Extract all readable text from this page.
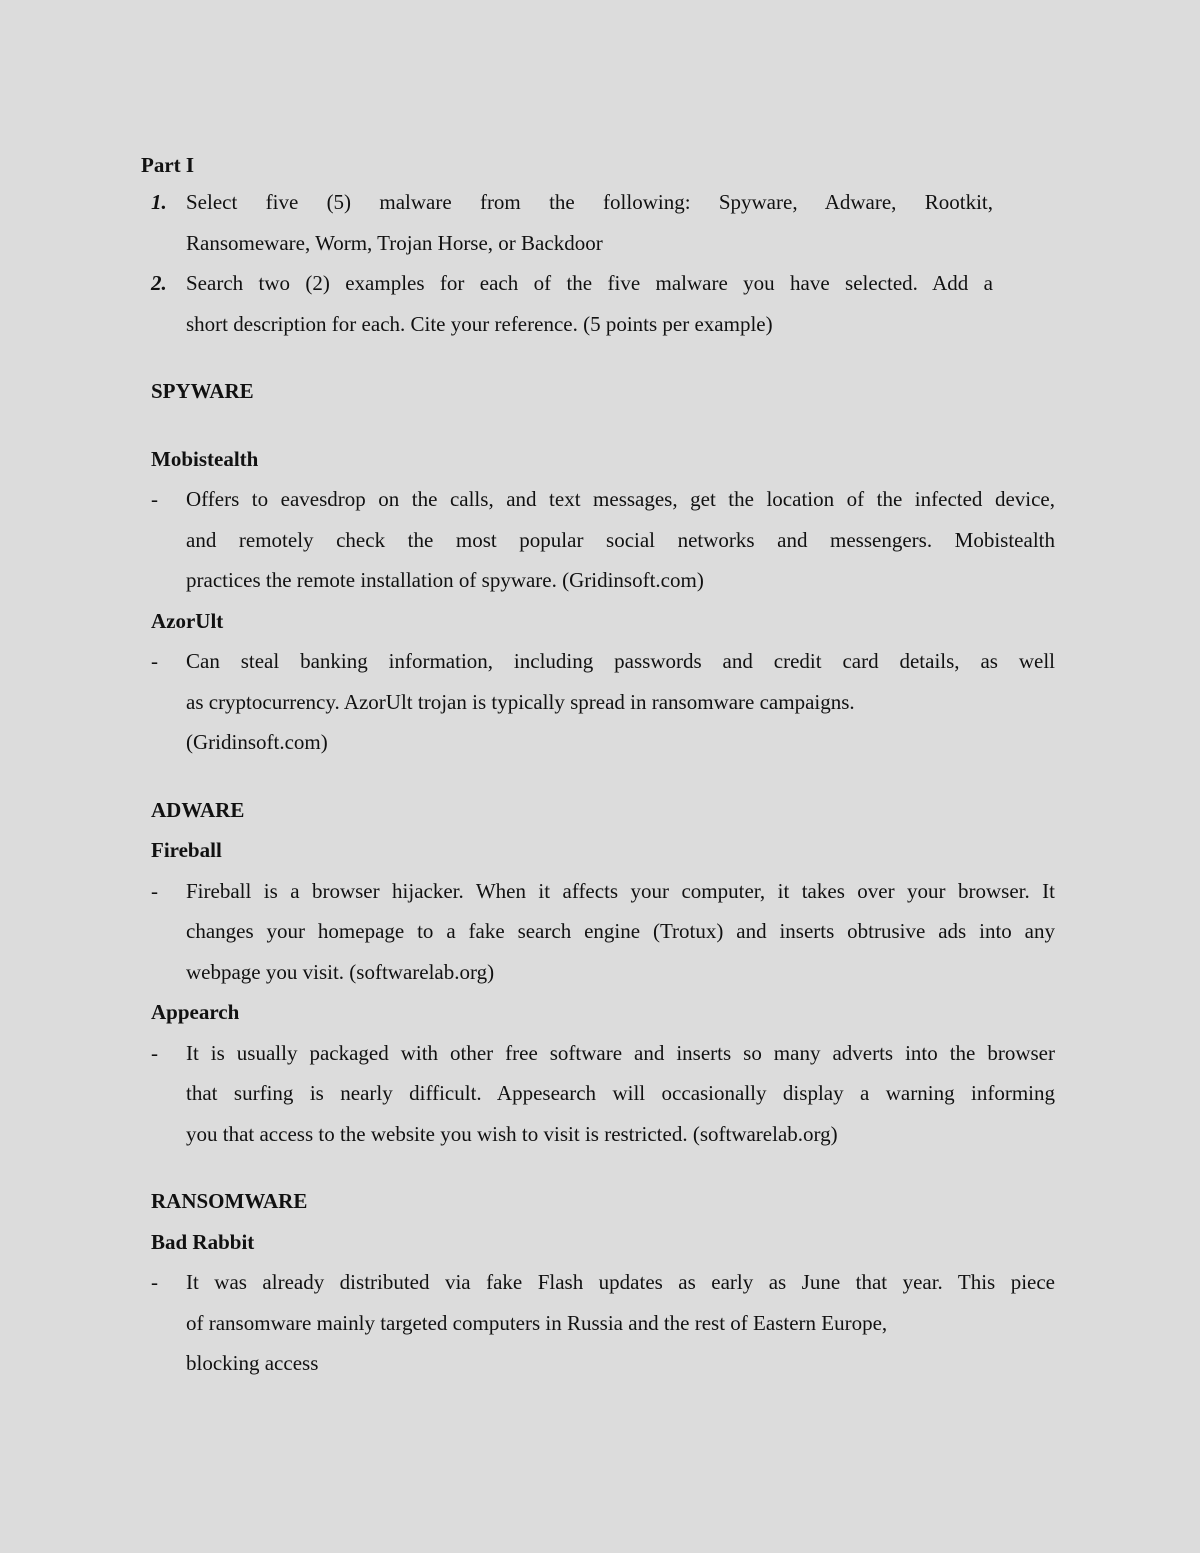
Part I
1. Select five (5) malware from the following: Spyware, Adware, Rootkit,
Ransomeware, Worm, Trojan Horse, or Backdoor
2. Search two (2) examples for each of the five malware you have selected. Add a
short description for each. Cite your reference. (5 points per example)
SPYWARE
Mobistealth
- Offers to eavesdrop on the calls, and text messages, get the location of the infected device,
and remotely check the most popular social networks and messengers. Mobistealth
practices the remote installation of spyware. (Gridinsoft.com)
AzorUlt
- Can steal banking information, including passwords and credit card details, as well
as cryptocurrency. AzorUlt trojan is typically spread in ransomware campaigns.
(Gridinsoft.com)
ADWARE
Fireball
- Fireball is a browser hijacker. When it affects your computer, it takes over your browser. It
changes your homepage to a fake search engine (Trotux) and inserts obtrusive ads into any
webpage you visit. (softwarelab.org)
Appearch
- It is usually packaged with other free software and inserts so many adverts into the browser
that surfing is nearly difficult. Appesearch will occasionally display a warning informing
you that access to the website you wish to visit is restricted. (softwarelab.org)
RANSOMWARE
Bad Rabbit
- It was already distributed via fake Flash updates as early as June that year. This piece
of ransomware mainly targeted computers in Russia and the rest of Eastern Europe,
blocking access
